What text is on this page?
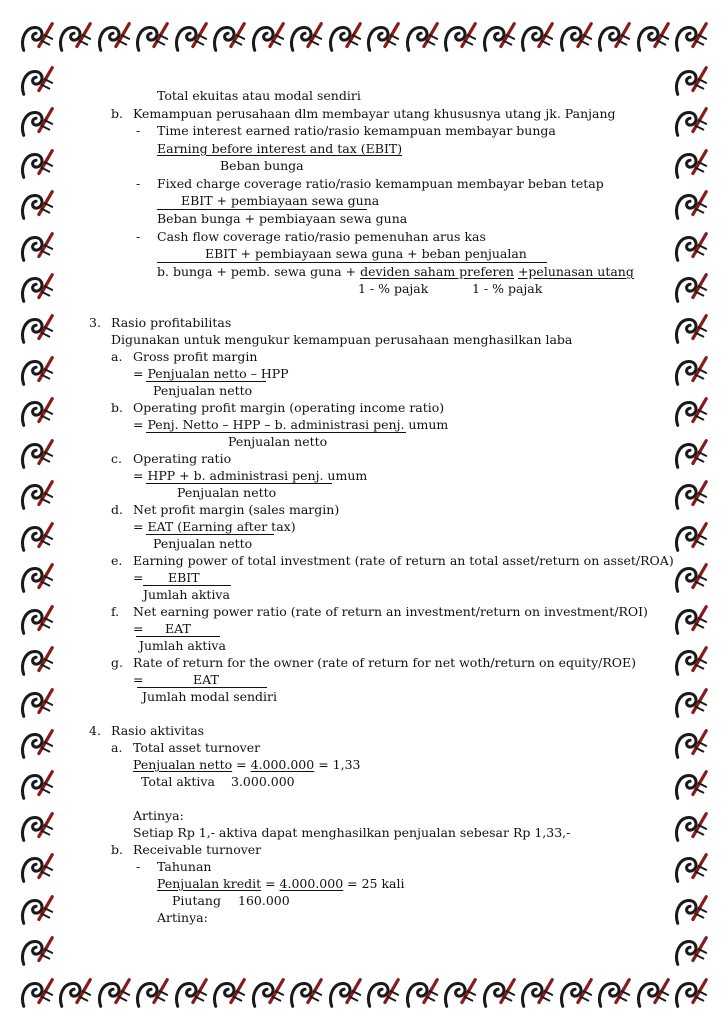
Total ekuitas atau modal sendiri
b. Kemampuan perusahaan dlm membayar utang khususnya utang jk. Panjang
- Time interest earned ratio/rasio kemampuan membayar bunga
Earning before interest and tax (EBIT)
Beban bunga
- Fixed charge coverage ratio/rasio kemampuan membayar beban tetap
EBIT + pembiayaan sewa guna
Beban bunga + pembiayaan sewa guna
- Cash flow coverage ratio/rasio pemenuhan arus kas
EBIT + pembiayaan sewa guna + beban penjualan
b. bunga + pemb. sewa guna + deviden saham preferen +pelunasan utang
1 - % pajak	1 - % pajak
3. Rasio profitabilitas
Digunakan untuk mengukur kemampuan perusahaan menghasilkan laba
a. Gross profit margin
= Penjualan netto – HPP
Penjualan netto
b. Operating profit margin (operating income ratio)
= Penj. Netto – HPP – b. administrasi penj. umum
Penjualan netto
c. Operating ratio
= HPP + b. administrasi penj. umum
Penjualan netto
d. Net profit margin (sales margin)
= EAT (Earning after tax)
Penjualan netto
e. Earning power of total investment (rate of return an total asset/return on asset/ROA)
= EBIT
Jumlah aktiva
f. Net earning power ratio (rate of return an investment/return on investment/ROI)
= EAT
Jumlah aktiva
g. Rate of return for the owner (rate of return for net woth/return on equity/ROE)
=	EAT
Jumlah modal sendiri
4. Rasio aktivitas
a. Total asset turnover
Penjualan netto = 4.000.000 = 1,33
Total aktiva 3.000.000
Artinya:
Setiap Rp 1,- aktiva dapat menghasilkan penjualan sebesar Rp 1,33,-
b. Receivable turnover
- Tahunan
Penjualan kredit = 4.000.000 = 25 kali
Piutang 160.000
Artinya:
